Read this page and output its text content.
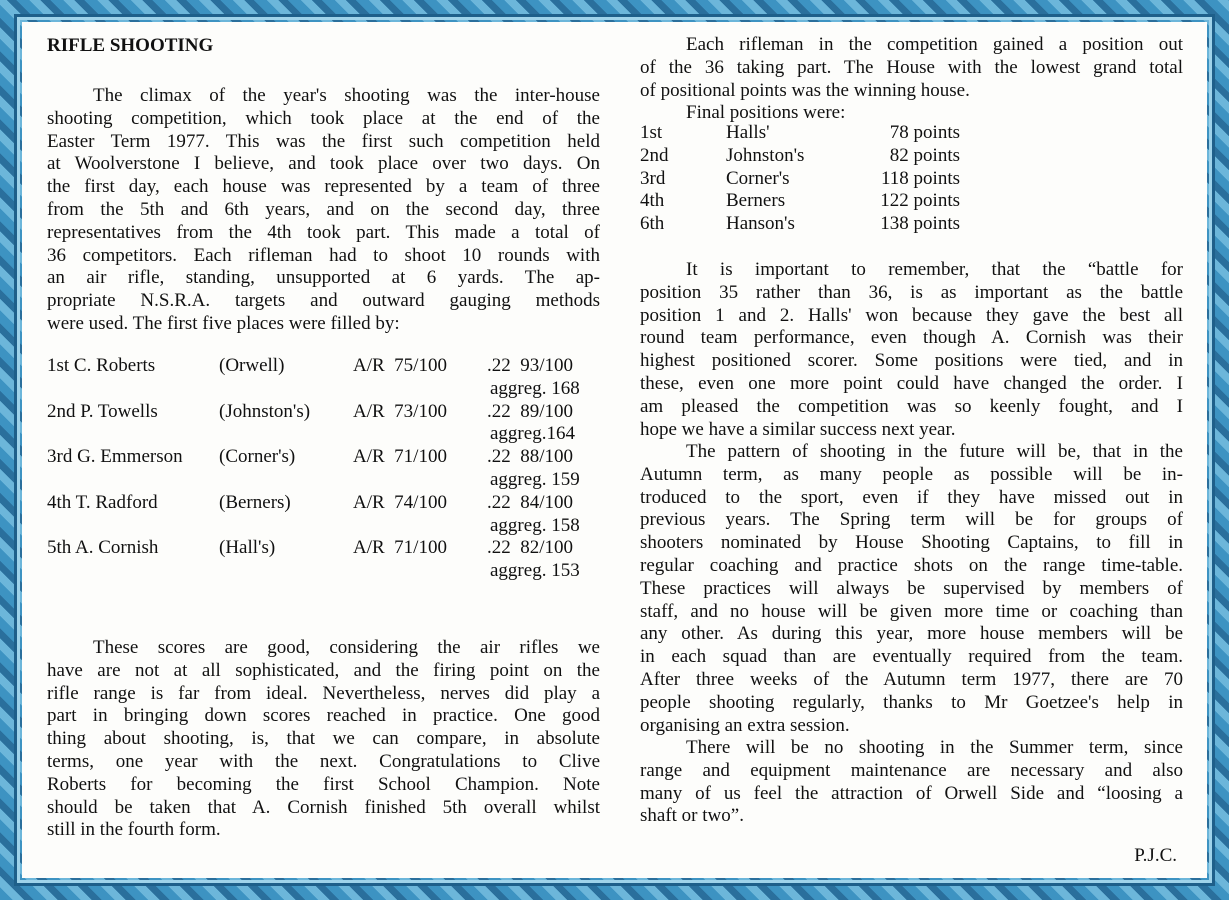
RIFLE SHOOTING
The climax of the year's shooting was the inter-house
shooting competition, which took place at the end of the
Easter Term 1977. This was the first such competition held
at Woolverstone I believe, and took place over two days. On
the first day, each house was represented by a team of three
from the 5th and 6th years, and on the second day, three
representatives from the 4th took part. This made a total of
36 competitors. Each rifleman had to shoot 10 rounds with
an air rifle, standing, unsupported at 6 yards. The ap-
propriate N.S.R.A. targets and outward gauging methods
were used. The first five places were filled by:
1st C. Roberts	(Orwell)	A/R  75/100 .22  93/100
aggreg. 168
2nd P. Towells	(Johnston's) A/R  73/100 .22  89/100
aggreg.164
3rd G. Emmerson (Corner's)	A/R  71/100 .22  88/100
aggreg. 159
4th T. Radford	(Berners)	A/R  74/100 .22  84/100
aggreg. 158
5th A. Cornish	(Hall's)	A/R  71/100 .22  82/100
aggreg. 153
These scores are good, considering the air rifles we
have are not at all sophisticated, and the firing point on the
rifle range is far from ideal. Nevertheless, nerves did play a
part in bringing down scores reached in practice. One good
thing about shooting, is, that we can compare, in absolute
terms, one year with the next. Congratulations to Clive
Roberts for becoming the first School Champion. Note
should be taken that A. Cornish finished 5th overall whilst
still in the fourth form.
Each rifleman in the competition gained a position out
of the 36 taking part. The House with the lowest grand total
of positional points was the winning house.
Final positions were:
1st	Halls'	78 points
2nd	Johnston's	82 points
3rd	Corner's	118 points
4th	Berners	122 points
6th	Hanson's	138 points
It is important to remember, that the “battle for
position 35 rather than 36, is as important as the battle
position 1 and 2. Halls' won because they gave the best all
round team performance, even though A. Cornish was their
highest positioned scorer. Some positions were tied, and in
these, even one more point could have changed the order. I
am pleased the competition was so keenly fought, and I
hope we have a similar success next year.
The pattern of shooting in the future will be, that in the
Autumn term, as many people as possible will be in-
troduced to the sport, even if they have missed out in
previous years. The Spring term will be for groups of
shooters nominated by House Shooting Captains, to fill in
regular coaching and practice shots on the range time-table.
These practices will always be supervised by members of
staff, and no house will be given more time or coaching than
any other. As during this year, more house members will be
in each squad than are eventually required from the team.
After three weeks of the Autumn term 1977, there are 70
people shooting regularly, thanks to Mr Goetzee's help in
organising an extra session.
There will be no shooting in the Summer term, since
range and equipment maintenance are necessary and also
many of us feel the attraction of Orwell Side and “loosing a
shaft or two”.
P.J.C.
